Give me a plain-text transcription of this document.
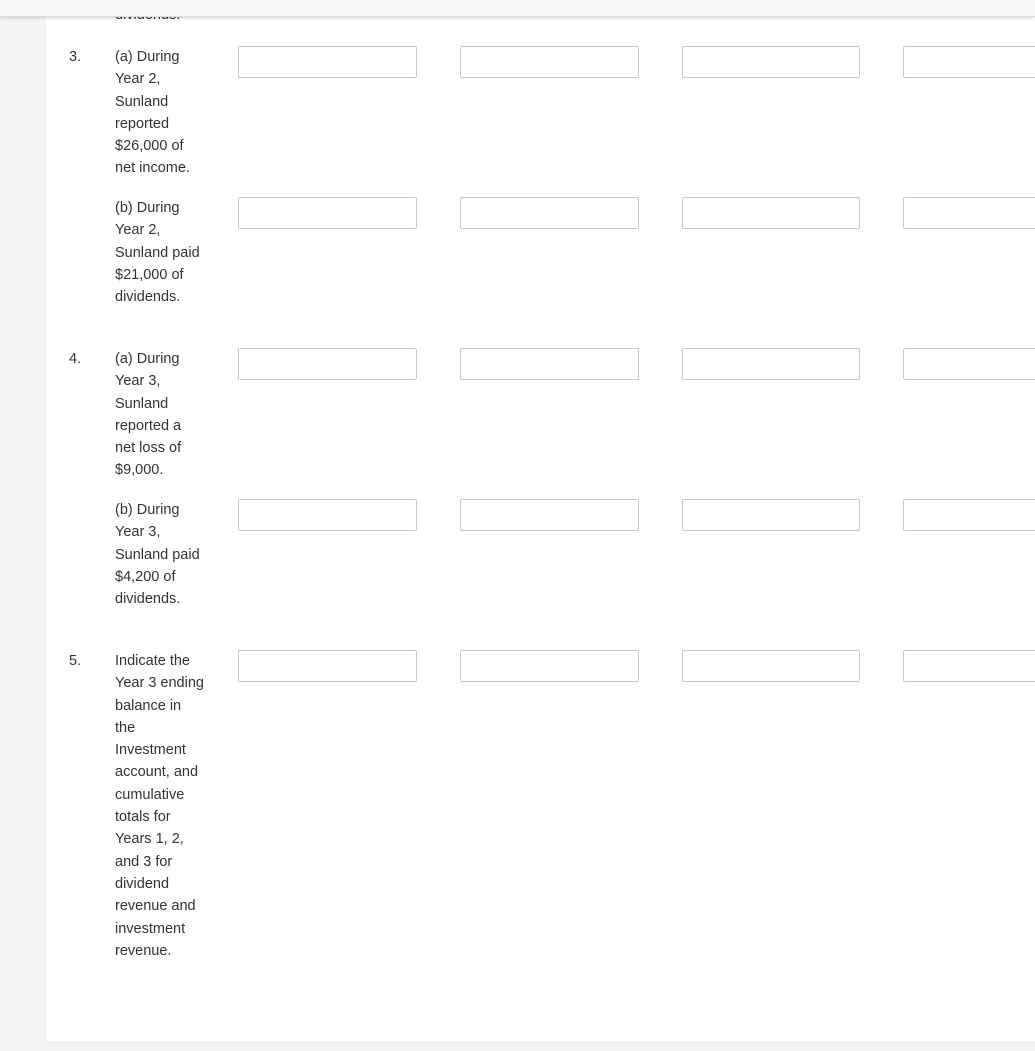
3. (a) During Year 2, Sunland reported $26,000 of net income.
(b) During Year 2, Sunland paid $21,000 of dividends.
4. (a) During Year 3, Sunland reported a net loss of $9,000.
(b) During Year 3, Sunland paid $4,200 of dividends.
5. Indicate the Year 3 ending balance in the Investment account, and cumulative totals for Years 1, 2, and 3 for dividend revenue and investment revenue.
